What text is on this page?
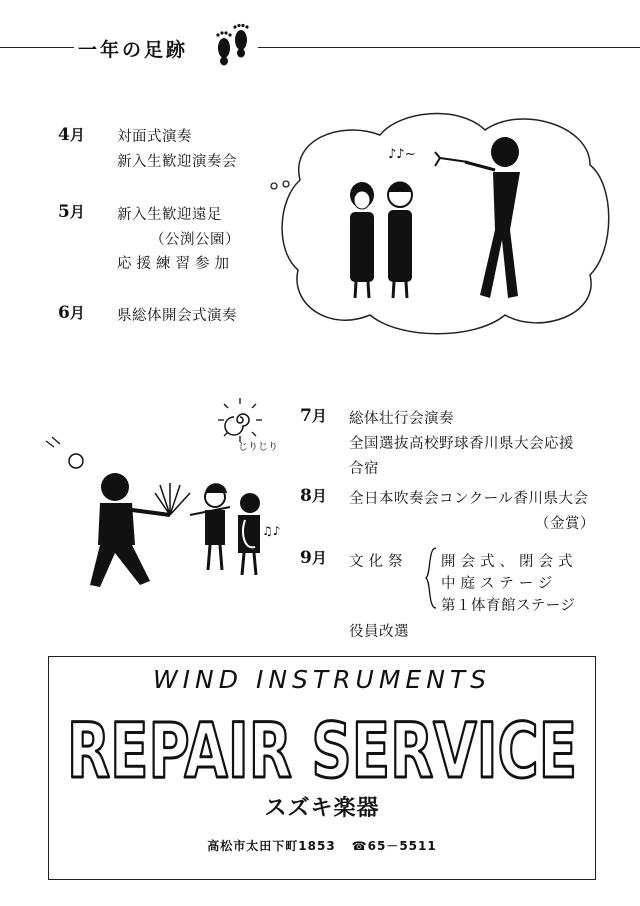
一年の足跡
4月 対面式演奏
新入生歓迎演奏会
5月 新入生歓迎遠足
（公渕公園）
応援練習参加
6月 県総体開会式演奏
♪♪~
7月 総体壮行会演奏
全国選抜高校野球香川県大会応援
合宿
8月 全日本吹奏会コンクール香川県大会
（金賞）
9月 文化祭 開会式、閉会式
中庭ステージ
第１体育館ステージ
役員改選
じりじり
♫♪
WIND INSTRUMENTS
REPAIR SERVICE
スズキ楽器
高松市太田下町1853 ☎65－5511
